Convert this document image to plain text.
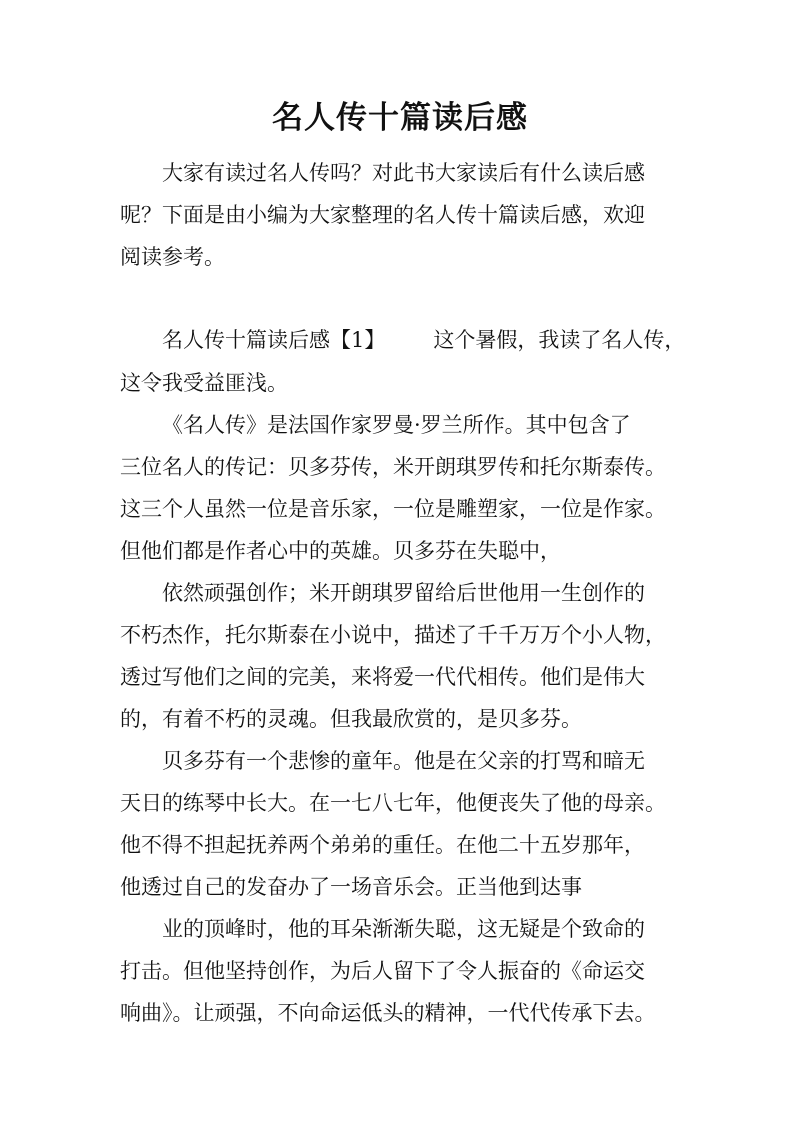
名人传十篇读后感
大家有读过名人传吗？对此书大家读后有什么读后感
呢？下面是由小编为大家整理的名人传十篇读后感，欢迎
阅读参考。
名人传十篇读后感【1】 这个暑假，我读了名人传，
这令我受益匪浅。
《名人传》是法国作家罗曼·罗兰所作。其中包含了
三位名人的传记：贝多芬传，米开朗琪罗传和托尔斯泰传。
这三个人虽然一位是音乐家，一位是雕塑家，一位是作家。
但他们都是作者心中的英雄。贝多芬在失聪中，
依然顽强创作；米开朗琪罗留给后世他用一生创作的
不朽杰作，托尔斯泰在小说中，描述了千千万万个小人物，
透过写他们之间的完美，来将爱一代代相传。他们是伟大
的，有着不朽的灵魂。但我最欣赏的，是贝多芬。
贝多芬有一个悲惨的童年。他是在父亲的打骂和暗无
天日的练琴中长大。在一七八七年，他便丧失了他的母亲。
他不得不担起抚养两个弟弟的重任。在他二十五岁那年，
他透过自己的发奋办了一场音乐会。正当他到达事
业的顶峰时，他的耳朵渐渐失聪，这无疑是个致命的
打击。但他坚持创作，为后人留下了令人振奋的《命运交
响曲》。让顽强，不向命运低头的精神，一代代传承下去。
